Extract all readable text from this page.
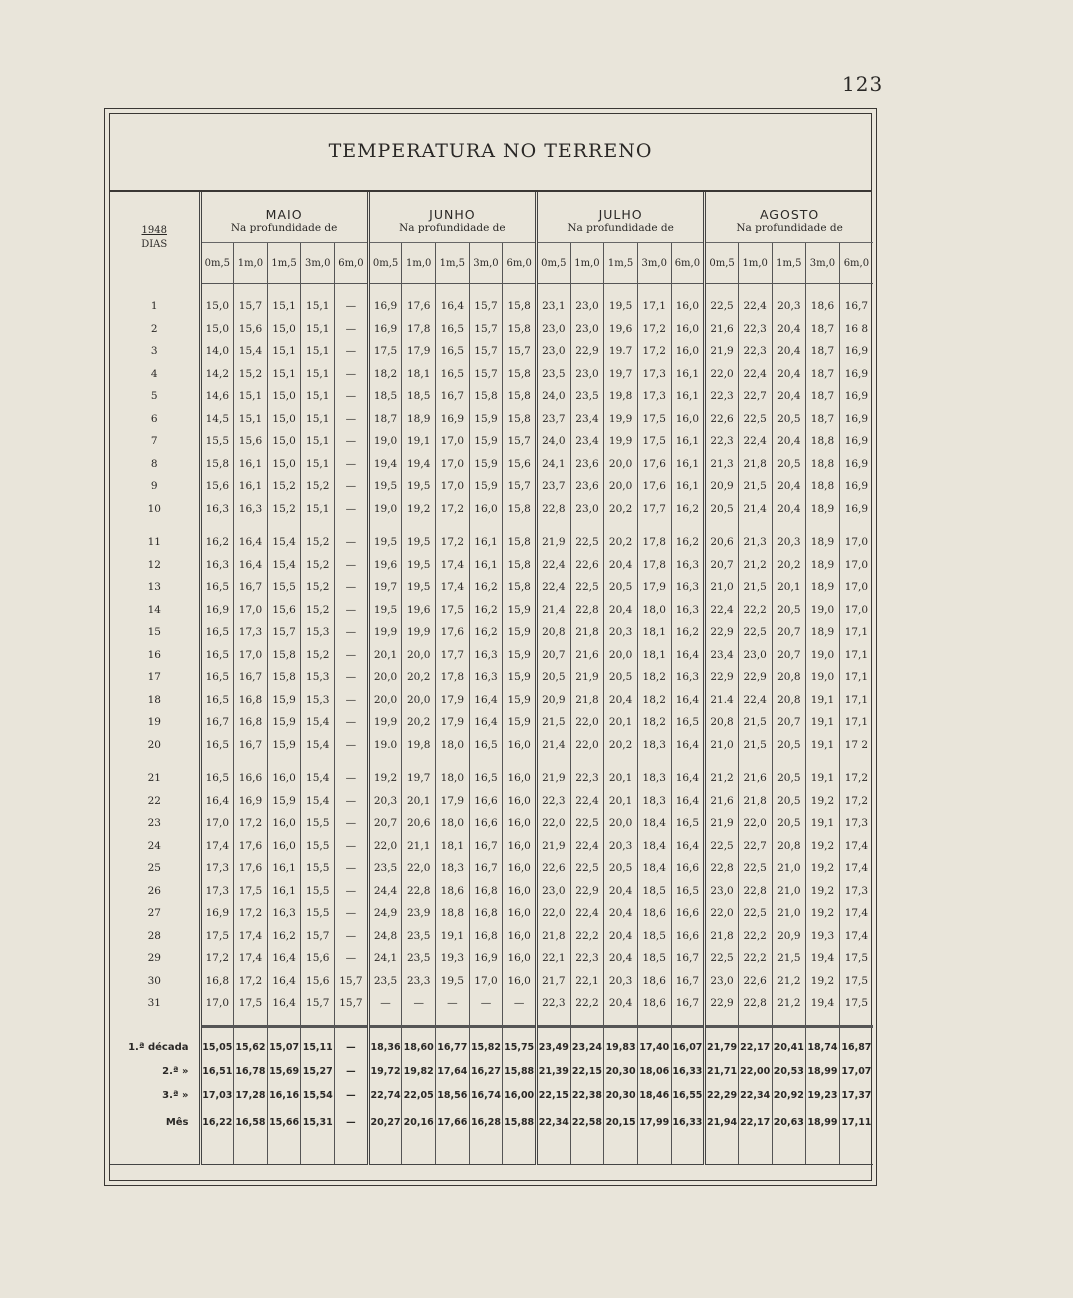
123
TEMPERATURA NO TERRENO
1948
DIAS	MAIO					JUNHO					JULHO					AGOSTO				
	Na profundidade de					Na profundidade de					Na profundidade de					Na profundidade de				
	0m,5	1m,0	1m,5	3m,0	6m,0	0m,5	1m,0	1m,5	3m,0	6m,0	0m,5	1m,0	1m,5	3m,0	6m,0	0m,5	1m,0	1m,5	3m,0	6m,0

1	15,0	15,7	15,1	15,1	—	16,9	17,6	16,4	15,7	15,8	23,1	23,0	19,5	17,1	16,0	22,5	22,4	20,3	18,6	16,7
2	15,0	15,6	15,0	15,1	—	16,9	17,8	16,5	15,7	15,8	23,0	23,0	19,6	17,2	16,0	21,6	22,3	20,4	18,7	16 8
3	14,0	15,4	15,1	15,1	—	17,5	17,9	16,5	15,7	15,7	23,0	22,9	19.7	17,2	16,0	21,9	22,3	20,4	18,7	16,9
4	14,2	15,2	15,1	15,1	—	18,2	18,1	16,5	15,7	15,8	23,5	23,0	19,7	17,3	16,1	22,0	22,4	20,4	18,7	16,9
5	14,6	15,1	15,0	15,1	—	18,5	18,5	16,7	15,8	15,8	24,0	23,5	19,8	17,3	16,1	22,3	22,7	20,4	18,7	16,9
6	14,5	15,1	15,0	15,1	—	18,7	18,9	16,9	15,9	15,8	23,7	23,4	19,9	17,5	16,0	22,6	22,5	20,5	18,7	16,9
7	15,5	15,6	15,0	15,1	—	19,0	19,1	17,0	15,9	15,7	24,0	23,4	19,9	17,5	16,1	22,3	22,4	20,4	18,8	16,9
8	15,8	16,1	15,0	15,1	—	19,4	19,4	17,0	15,9	15,6	24,1	23,6	20,0	17,6	16,1	21,3	21,8	20,5	18,8	16,9
9	15,6	16,1	15,2	15,2	—	19,5	19,5	17,0	15,9	15,7	23,7	23,6	20,0	17,6	16,1	20,9	21,5	20,4	18,8	16,9
10	16,3	16,3	15,2	15,1	—	19,0	19,2	17,2	16,0	15,8	22,8	23,0	20,2	17,7	16,2	20,5	21,4	20,4	18,9	16,9

11	16,2	16,4	15,4	15,2	—	19,5	19,5	17,2	16,1	15,8	21,9	22,5	20,2	17,8	16,2	20,6	21,3	20,3	18,9	17,0
12	16,3	16,4	15,4	15,2	—	19,6	19,5	17,4	16,1	15,8	22,4	22,6	20,4	17,8	16,3	20,7	21,2	20,2	18,9	17,0
13	16,5	16,7	15,5	15,2	—	19,7	19,5	17,4	16,2	15,8	22,4	22,5	20,5	17,9	16,3	21,0	21,5	20,1	18,9	17,0
14	16,9	17,0	15,6	15,2	—	19,5	19,6	17,5	16,2	15,9	21,4	22,8	20,4	18,0	16,3	22,4	22,2	20,5	19,0	17,0
15	16,5	17,3	15,7	15,3	—	19,9	19,9	17,6	16,2	15,9	20,8	21,8	20,3	18,1	16,2	22,9	22,5	20,7	18,9	17,1
16	16,5	17,0	15,8	15,2	—	20,1	20,0	17,7	16,3	15,9	20,7	21,6	20,0	18,1	16,4	23,4	23,0	20,7	19,0	17,1
17	16,5	16,7	15,8	15,3	—	20,0	20,2	17,8	16,3	15,9	20,5	21,9	20,5	18,2	16,3	22,9	22,9	20,8	19,0	17,1
18	16,5	16,8	15,9	15,3	—	20,0	20,0	17,9	16,4	15,9	20,9	21,8	20,4	18,2	16,4	21.4	22,4	20,8	19,1	17,1
19	16,7	16,8	15,9	15,4	—	19,9	20,2	17,9	16,4	15,9	21,5	22,0	20,1	18,2	16,5	20,8	21,5	20,7	19,1	17,1
20	16,5	16,7	15,9	15,4	—	19.0	19,8	18,0	16,5	16,0	21,4	22,0	20,2	18,3	16,4	21,0	21,5	20,5	19,1	17 2

21	16,5	16,6	16,0	15,4	—	19,2	19,7	18,0	16,5	16,0	21,9	22,3	20,1	18,3	16,4	21,2	21,6	20,5	19,1	17,2
22	16,4	16,9	15,9	15,4	—	20,3	20,1	17,9	16,6	16,0	22,3	22,4	20,1	18,3	16,4	21,6	21,8	20,5	19,2	17,2
23	17,0	17,2	16,0	15,5	—	20,7	20,6	18,0	16,6	16,0	22,0	22,5	20,0	18,4	16,5	21,9	22,0	20,5	19,1	17,3
24	17,4	17,6	16,0	15,5	—	22,0	21,1	18,1	16,7	16,0	21,9	22,4	20,3	18,4	16,4	22,5	22,7	20,8	19,2	17,4
25	17,3	17,6	16,1	15,5	—	23,5	22,0	18,3	16,7	16,0	22,6	22,5	20,5	18,4	16,6	22,8	22,5	21,0	19,2	17,4
26	17,3	17,5	16,1	15,5	—	24,4	22,8	18,6	16,8	16,0	23,0	22,9	20,4	18,5	16,5	23,0	22,8	21,0	19,2	17,3
27	16,9	17,2	16,3	15,5	—	24,9	23,9	18,8	16,8	16,0	22,0	22,4	20,4	18,6	16,6	22,0	22,5	21,0	19,2	17,4
28	17,5	17,4	16,2	15,7	—	24,8	23,5	19,1	16,8	16,0	21,8	22,2	20,4	18,5	16,6	21,8	22,2	20,9	19,3	17,4
29	17,2	17,4	16,4	15,6	—	24,1	23,5	19,3	16,9	16,0	22,1	22,3	20,4	18,5	16,7	22,5	22,2	21,5	19,4	17,5
30	16,8	17,2	16,4	15,6	15,7	23,5	23,3	19,5	17,0	16,0	21,7	22,1	20,3	18,6	16,7	23,0	22,6	21,2	19,2	17,5
31	17,0	17,5	16,4	15,7	15,7	—	—	—	—	—	22,3	22,2	20,4	18,6	16,7	22,9	22,8	21,2	19,4	17,5

1.ª década	15,05	15,62	15,07	15,11	—	18,36	18,60	16,77	15,82	15,75	23,49	23,24	19,83	17,40	16,07	21,79	22,17	20,41	18,74	16,87
2.ª »	16,51	16,78	15,69	15,27	—	19,72	19,82	17,64	16,27	15,88	21,39	22,15	20,30	18,06	16,33	21,71	22,00	20,53	18,99	17,07
3.ª »	17,03	17,28	16,16	15,54	—	22,74	22,05	18,56	16,74	16,00	22,15	22,38	20,30	18,46	16,55	22,29	22,34	20,92	19,23	17,37
Mês	16,22	16,58	15,66	15,31	—	20,27	20,16	17,66	16,28	15,88	22,34	22,58	20,15	17,99	16,33	21,94	22,17	20,63	18,99	17,11
